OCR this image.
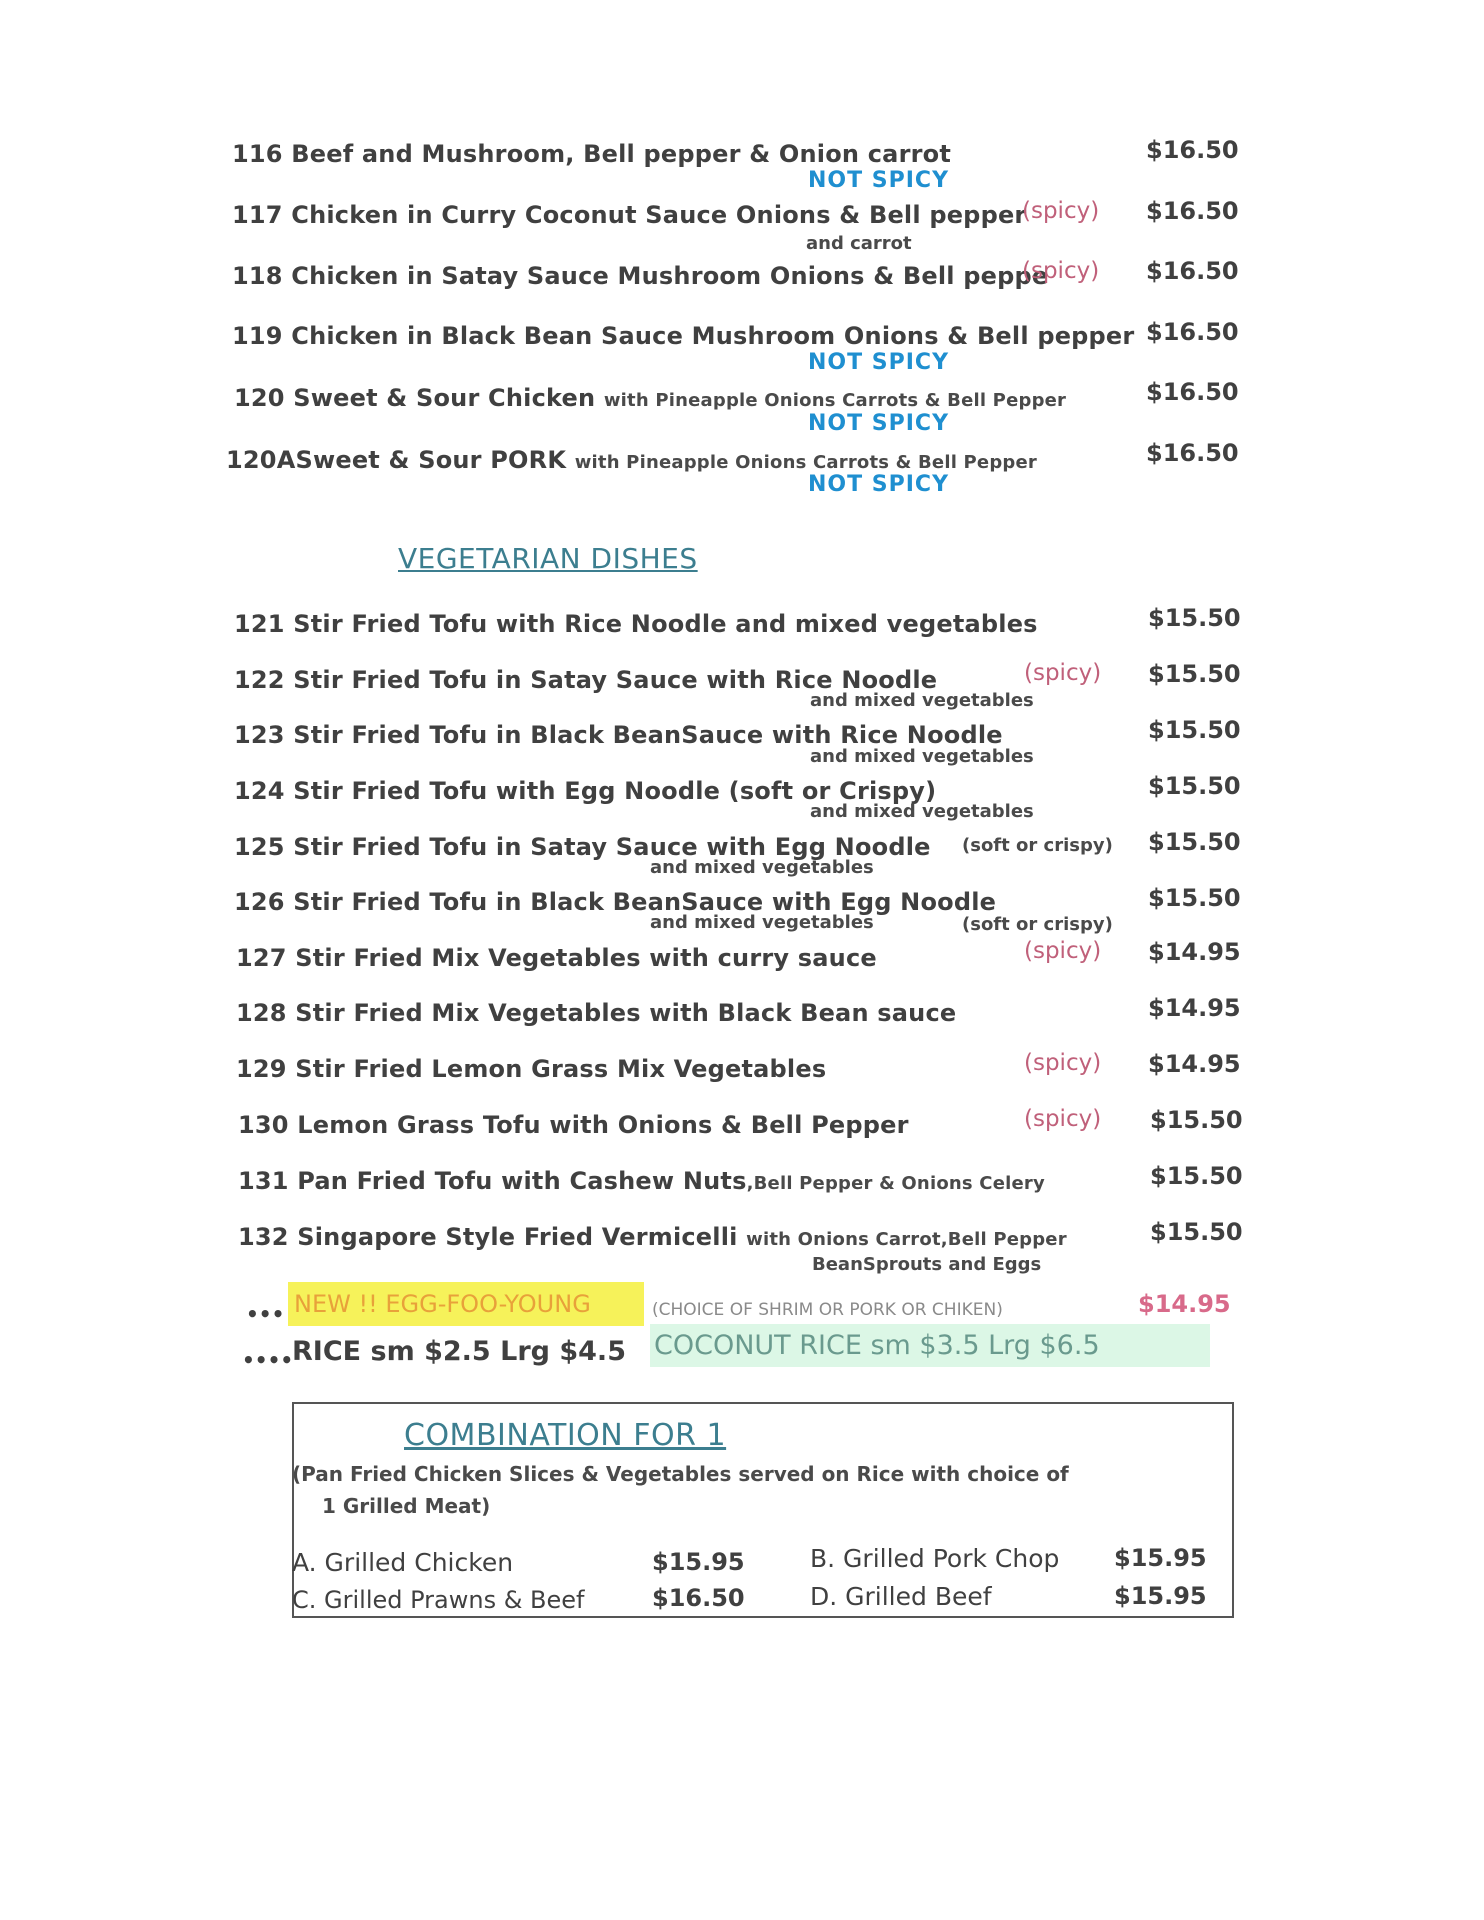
116 Beef and Mushroom, Bell pepper & Onion carrot	$16.50
NOT SPICY
117 Chicken in Curry Coconut Sauce Onions & Bell pepper
(spicy) $16.50
and carrot
118 Chicken in Satay Sauce Mushroom Onions & Bell peppe
(spicy) $16.50
119 Chicken in Black Bean Sauce Mushroom Onions & Bell pepper $16.50
NOT SPICY
120 Sweet & Sour Chicken with Pineapple Onions Carrots & Bell Pepper	$16.50
NOT SPICY
120ASweet & Sour PORK with Pineapple Onions Carrots & Bell Pepper	$16.50
NOT SPICY
VEGETARIAN DISHES
121 Stir Fried Tofu with Rice Noodle and mixed vegetables	$15.50
122 Stir Fried Tofu in Satay Sauce with Rice Noodle	(spicy) $15.50
and mixed vegetables
123 Stir Fried Tofu in Black BeanSauce with Rice Noodle	$15.50
and mixed vegetables
124 Stir Fried Tofu with Egg Noodle (soft or Crispy)	$15.50
and mixed vegetables
125 Stir Fried Tofu in Satay Sauce with Egg Noodle (soft or crispy) $15.50
and mixed vegetables
126 Stir Fried Tofu in Black BeanSauce with Egg Noodle	$15.50
and mixed vegetables	(soft or crispy)
127 Stir Fried Mix Vegetables with curry sauce	(spicy) $14.95
128 Stir Fried Mix Vegetables with Black Bean sauce	$14.95
129 Stir Fried Lemon Grass Mix Vegetables	(spicy) $14.95
130 Lemon Grass Tofu with Onions & Bell Pepper	(spicy) $15.50
131 Pan Fried Tofu with Cashew Nuts,Bell Pepper & Onions Celery	$15.50
132 Singapore Style Fried Vermicelli with Onions Carrot,Bell Pepper	$15.50
BeanSprouts and Eggs
••• NEW !! EGG-FOO-YOUNG	(CHOICE OF SHRIM OR PORK OR CHIKEN)	$14.95
••••
RICE sm $2.5 Lrg $4.5 COCONUT RICE sm $3.5 Lrg $6.5
COMBINATION FOR 1
(Pan Fried Chicken Slices & Vegetables served on Rice with choice of
1 Grilled Meat)
A. Grilled Chicken	$15.95	B. Grilled Pork Chop $15.95
C. Grilled Prawns & Beef	$16.50	D. Grilled Beef	$15.95
